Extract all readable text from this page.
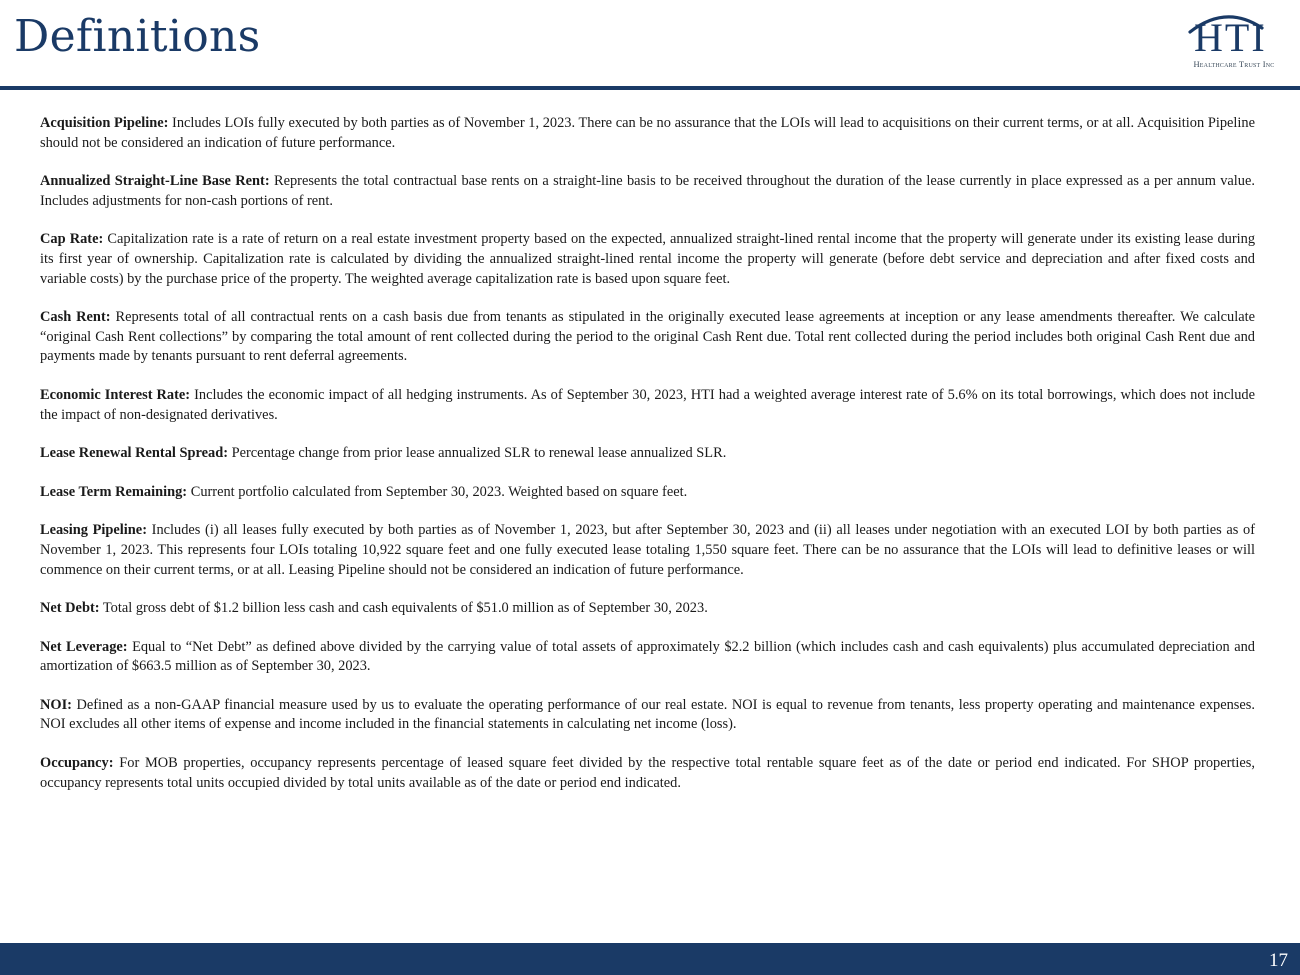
Definitions	HTI
Healthcare Trust Inc

Acquisition Pipeline: Includes LOIs fully executed by both parties as of November 1, 2023. There can be no assurance that the LOIs will lead to acquisitions on their current terms, or at all. Acquisition Pipeline should not be considered an indication of future performance.

Annualized Straight-Line Base Rent: Represents the total contractual base rents on a straight-line basis to be received throughout the duration of the lease currently in place expressed as a per annum value. Includes adjustments for non-cash portions of rent.

Cap Rate: Capitalization rate is a rate of return on a real estate investment property based on the expected, annualized straight-lined rental income that the property will generate under its existing lease during its first year of ownership. Capitalization rate is calculated by dividing the annualized straight-lined rental income the property will generate (before debt service and depreciation and after fixed costs and variable costs) by the purchase price of the property. The weighted average capitalization rate is based upon square feet.

Cash Rent: Represents total of all contractual rents on a cash basis due from tenants as stipulated in the originally executed lease agreements at inception or any lease amendments thereafter. We calculate “original Cash Rent collections” by comparing the total amount of rent collected during the period to the original Cash Rent due. Total rent collected during the period includes both original Cash Rent due and payments made by tenants pursuant to rent deferral agreements.

Economic Interest Rate: Includes the economic impact of all hedging instruments. As of September 30, 2023, HTI had a weighted average interest rate of 5.6% on its total borrowings, which does not include the impact of non-designated derivatives.

Lease Renewal Rental Spread: Percentage change from prior lease annualized SLR to renewal lease annualized SLR.

Lease Term Remaining: Current portfolio calculated from September 30, 2023. Weighted based on square feet.

Leasing Pipeline: Includes (i) all leases fully executed by both parties as of November 1, 2023, but after September 30, 2023 and (ii) all leases under negotiation with an executed LOI by both parties as of November 1, 2023. This represents four LOIs totaling 10,922 square feet and one fully executed lease totaling 1,550 square feet. There can be no assurance that the LOIs will lead to definitive leases or will commence on their current terms, or at all. Leasing Pipeline should not be considered an indication of future performance.

Net Debt: Total gross debt of $1.2 billion less cash and cash equivalents of $51.0 million as of September 30, 2023.

Net Leverage: Equal to “Net Debt” as defined above divided by the carrying value of total assets of approximately $2.2 billion (which includes cash and cash equivalents) plus accumulated depreciation and amortization of $663.5 million as of September 30, 2023.

NOI: Defined as a non-GAAP financial measure used by us to evaluate the operating performance of our real estate. NOI is equal to revenue from tenants, less property operating and maintenance expenses. NOI excludes all other items of expense and income included in the financial statements in calculating net income (loss).

Occupancy: For MOB properties, occupancy represents percentage of leased square feet divided by the respective total rentable square feet as of the date or period end indicated. For SHOP properties, occupancy represents total units occupied divided by total units available as of the date or period end indicated.

17
